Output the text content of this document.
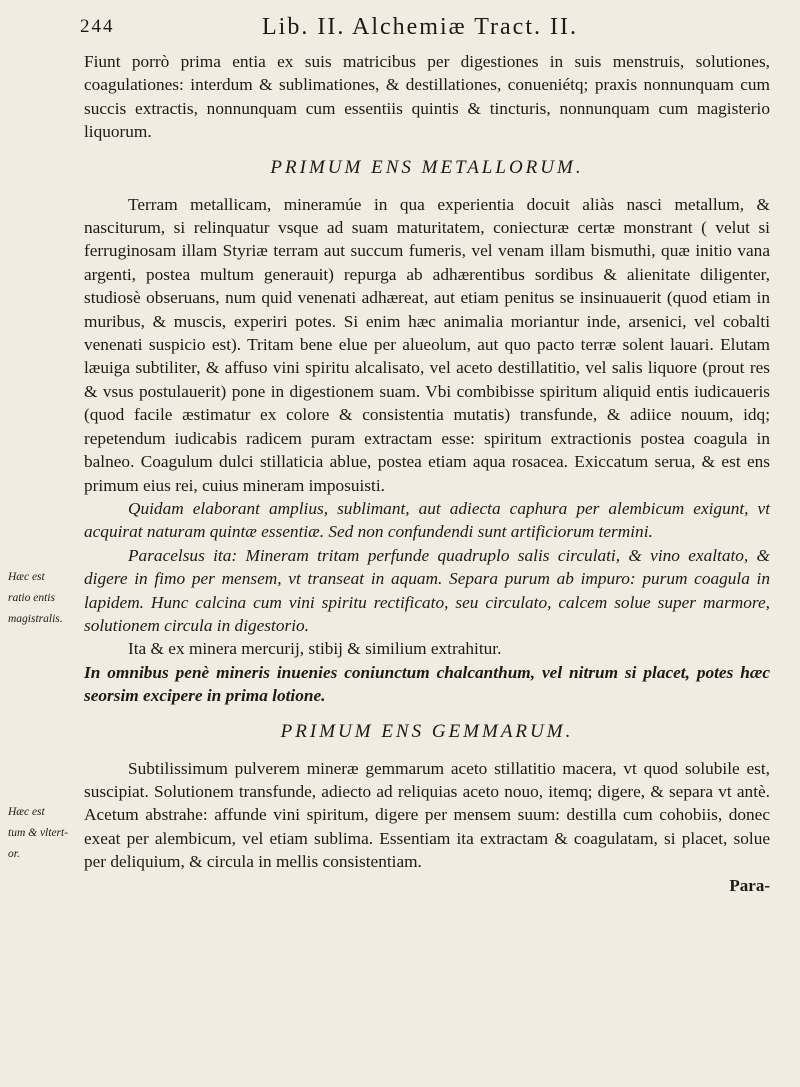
244	Lib. II. Alchemiæ Tract. II.

Fiunt porrò prima entia ex suis matricibus per digestiones in suis menstruis, solutiones, coagulationes: interdum & sublimationes, & destillationes, conueniétq; praxis nonnunquam cum succis extractis, nonnunquam cum essentiis quintis & tincturis, nonnunquam cum magisterio liquorum.

PRIMUM ENS METALLORUM.

Terram metallicam, mineramúe in qua experientia docuit aliàs nasci metallum, & nasciturum, si relinquatur vsque ad suam maturitatem, coniecturæ certæ monstrant ( velut si ferruginosam illam Styriæ terram aut succum fumeris, vel venam illam bismuthi, quæ initio vana argenti, postea multum generauit) repurga ab adhærentibus sordibus & alienitate diligenter, studiosè obseruans, num quid venenati adhæreat, aut etiam penitus se insinuauerit (quod etiam in muribus, & muscis, experiri potes. Si enim hæc animalia moriantur inde, arsenici, vel cobalti venenati suspicio est). Tritam bene elue per alueolum, aut quo pacto terræ solent lauari. Elutam læuiga subtiliter, & affuso vini spiritu alcalisato, vel aceto destillatitio, vel salis liquore (prout res & vsus postulauerit) pone in digestionem suam. Vbi combibisse spiritum aliquid entis iudicaueris (quod facile æstimatur ex colore & consistentia mutatis) transfunde, & adiice nouum, idq; repetendum iudicabis radicem puram extractam esse: spiritum extractionis postea coagula in balneo. Coagulum dulci stillaticia ablue, postea etiam aqua rosacea. Exiccatum serua, & est ens primum eius rei, cuius mineram imposuisti.

Quidam elaborant amplius, sublimant, aut adiecta caphura per alembicum exigunt, vt acquirat naturam quintæ essentiæ. Sed non confundendi sunt artificiorum termini.

Hæc est
ratio entis
magistralis.

Paracelsus ita: Mineram tritam perfunde quadruplo salis circulati, & vino exaltato, & digere in fimo per mensem, vt transeat in aquam. Separa purum ab impuro: purum coagula in lapidem. Hunc calcina cum vini spiritu rectificato, seu circulato, calcem solue super marmore, solutionem circula in digestorio.

Ita & ex minera mercurij, stibij & similium extrahitur.

In omnibus penè mineris inuenies coniunctum chalcanthum, vel nitrum si placet, potes hæc seorsim excipere in prima lotione.

PRIMUM ENS GEMMARUM.
Hæc est
tum & vltert-
or.

Subtilissimum pulverem mineræ gemmarum aceto stillatitio macera, vt quod solubile est, suscipiat. Solutionem transfunde, adiecto ad reliquias aceto nouo, itemq; digere, & separa vt antè. Acetum abstrahe: affunde vini spiritum, digere per mensem suum: destilla cum cohobiis, donec exeat per alembicum, vel etiam sublima. Essentiam ita extractam & coagulatam, si placet, solue per deliquium, & circula in mellis consistentiam.

Para-
